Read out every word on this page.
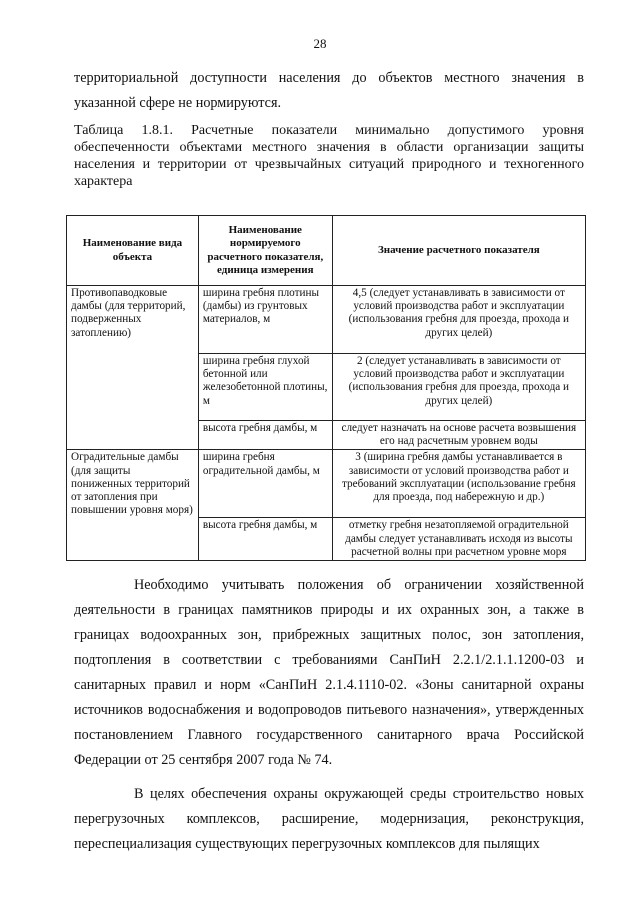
28

территориальной доступности населения до объектов местного значения в указанной сфере не нормируются.

Таблица 1.8.1. Расчетные показатели минимально допустимого уровня обеспеченности объектами местного значения в области организации защиты населения и территории от чрезвычайных ситуаций природного и техногенного характера

Наименование вида объекта	Наименование нормируемого расчетного показателя, единица измерения	Значение расчетного показателя
Противопаводковые дамбы (для территорий, подверженных затоплению)	ширина гребня плотины (дамбы) из грунтовых материалов, м	4,5 (следует устанавливать в зависимости от условий производства работ и эксплуатации (использования гребня для проезда, прохода и других целей)
	ширина гребня глухой бетонной или железобетонной плотины, м	2 (следует устанавливать в зависимости от условий производства работ и эксплуатации (использования гребня для проезда, прохода и других целей)
	высота гребня дамбы, м	следует назначать на основе расчета возвышения его над расчетным уровнем воды
Оградительные дамбы (для защиты пониженных территорий от затопления при повышении уровня моря)	ширина гребня оградительной дамбы, м	3 (ширина гребня дамбы устанавливается в зависимости от условий производства работ и требований эксплуатации (использование гребня для проезда, под набережную и др.)
	высота гребня дамбы, м	отметку гребня незатопляемой оградительной дамбы следует устанавливать исходя из высоты расчетной волны при расчетном уровне моря

Необходимо учитывать положения об ограничении хозяйственной деятельности в границах памятников природы и их охранных зон, а также в границах водоохранных зон, прибрежных защитных полос, зон затопления, подтопления в соответствии с требованиями СанПиН 2.2.1/2.1.1.1200-03 и санитарных правил и норм «СанПиН 2.1.4.1110-02. «Зоны санитарной охраны источников водоснабжения и водопроводов питьевого назначения», утвержденных постановлением Главного государственного санитарного врача Российской Федерации от 25 сентября 2007 года № 74.

В целях обеспечения охраны окружающей среды строительство новых перегрузочных комплексов, расширение, модернизация, реконструкция, переспециализация существующих перегрузочных комплексов для пылящих
